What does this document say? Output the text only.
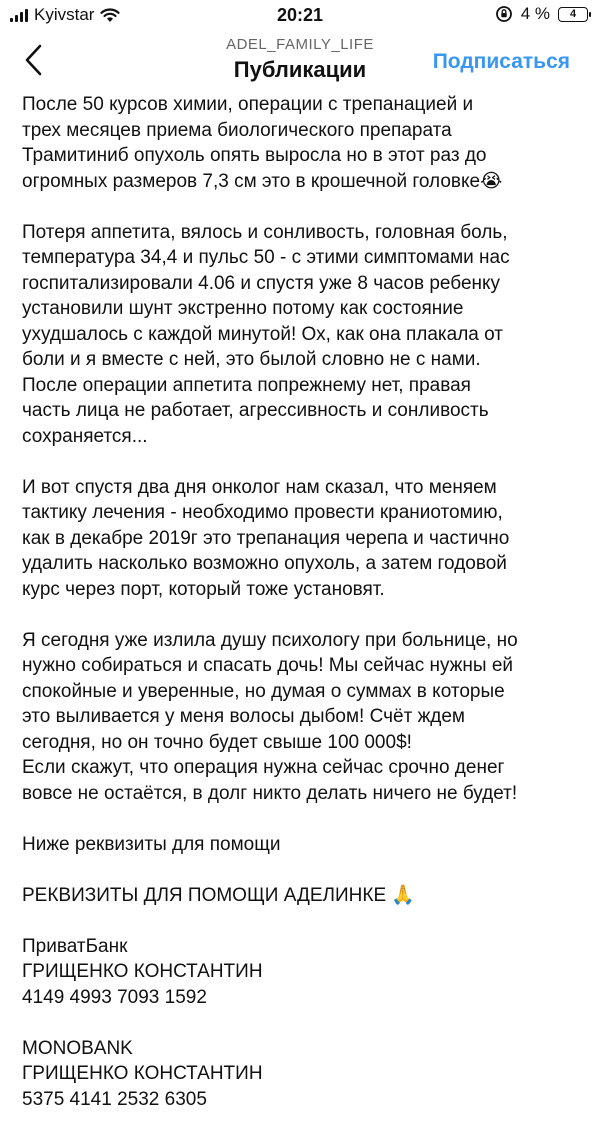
Kyivstar	20:21	4 % 4
ADEL_FAMILY_LIFE
Публикации	Подписаться

После 50 курсов химии, операции с трепанацией и
трех месяцев приема биологического препарата
Трамитиниб опухоль опять выросла но в этот раз до
огромных размеров 7,3 см это в крошечной головке😭

Потеря аппетита, вялось и сонливость, головная боль,
температура 34,4 и пульс 50 - с этими симптомами нас
госпитализировали 4.06 и спустя уже 8 часов ребенку
установили шунт экстренно потому как состояние
ухудшалось с каждой минутой! Ох, как она плакала от
боли и я вместе с ней, это былой словно не с нами.
После операции аппетита попрежнему нет, правая
часть лица не работает, агрессивность и сонливость
сохраняется...

И вот спустя два дня онколог нам сказал, что меняем
тактику лечения - необходимо провести краниотомию,
как в декабре 2019г это трепанация черепа и частично
удалить насколько возможно опухоль, а затем годовой
курс через порт, который тоже установят.

Я сегодня уже излила душу психологу при больнице, но
нужно собираться и спасать дочь! Мы сейчас нужны ей
спокойные и уверенные, но думая о суммах в которые
это выливается у меня волосы дыбом! Счёт ждем
сегодня, но он точно будет свыше 100 000$!
Если скажут, что операция нужна сейчас срочно денег
вовсе не остаётся, в долг никто делать ничего не будет!

Ниже реквизиты для помощи

РЕКВИЗИТЫ ДЛЯ ПОМОЩИ АДЕЛИНКЕ 🙏

ПриватБанк
ГРИЩЕНКО КОНСТАНТИН
4149 4993 7093 1592
MONOBANK
ГРИЩЕНКО КОНСТАНТИН
5375 4141 2532 6305
